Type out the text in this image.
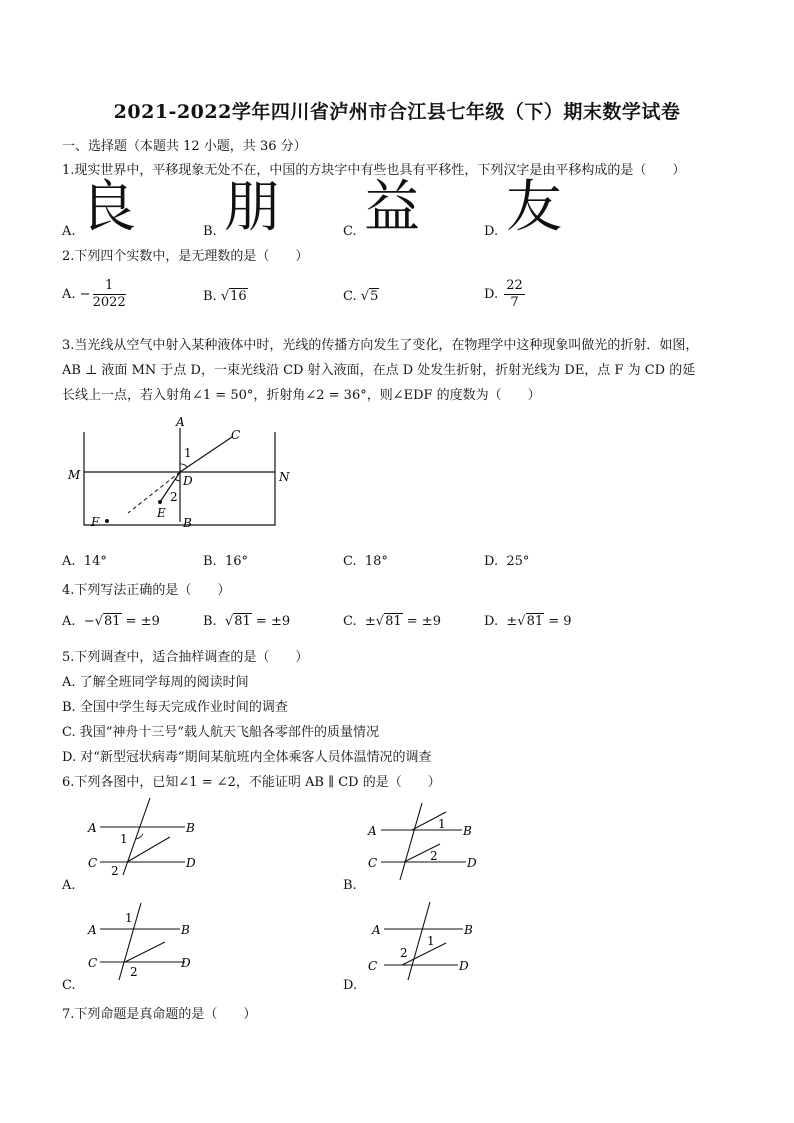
2021-2022学年四川省泸州市合江县七年级（下）期末数学试卷
一、选择题（本题共 12 小题，共 36 分）
1.现实世界中，平移现象无处不在，中国的方块字中有些也具有平移性，下列汉字是由平移构成的是（　　）
A. 良	B. 朋	C. 益	D. 友
2.下列四个实数中，是无理数的是（　　）
A. − $\frac{1}{2022}$	B. √16	C. √5	D. $\frac{22}{7}$
3.当光线从空气中射入某种液体中时，光线的传播方向发生了变化，在物理学中这种现象叫做光的折射．如图，
AB ⊥ 液面 MN 于点 D，一束光线沿 CD 射入液面，在点 D 处发生折射，折射光线为 DE，点 F 为 CD 的延
长线上一点，若入射角∠1 = 50°，折射角∠2 = 36°，则∠EDF 的度数为（　　）
A
C
1
M	N
D
2
E
F	B
A. 14°	B. 16°	C. 18°	D. 25°
4.下列写法正确的是（　　）
A. −√81 = ±9	B. √81 = ±9	C. ±√81 = ±9	D. ±√81 = 9
5.下列调查中，适合抽样调查的是（　　）
A. 了解全班同学每周的阅读时间
B. 全国中学生每天完成作业时间的调查
C. 我国“神舟十三号”载人航天飞船各零部件的质量情况
D. 对“新型冠状病毒”期间某航班内全体乘客人员体温情况的调查
6.下列各图中，已知∠1 = ∠2，不能证明 AB ∥ CD 的是（　　）
A	B
C	D
1
2
A.
A	B
C	D
1
2
B.
A	B
C	D
1
2
C.
A	B
C	D
1
2
D.
7.下列命题是真命题的是（　　）
